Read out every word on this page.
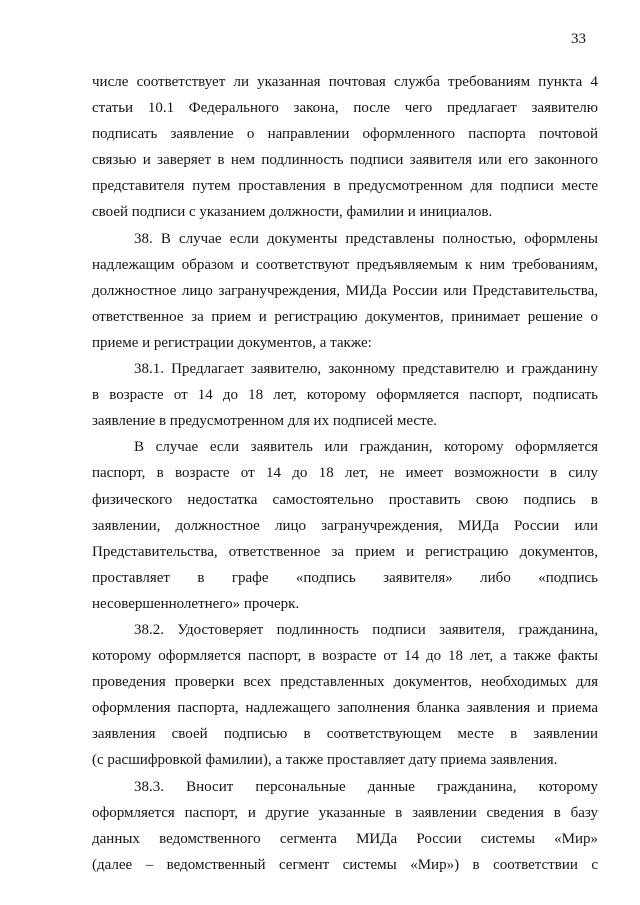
33
числе соответствует ли указанная почтовая служба требованиям пункта 4
статьи 10.1 Федерального закона, после чего предлагает заявителю
подписать заявление о направлении оформленного паспорта почтовой
связью и заверяет в нем подлинность подписи заявителя или его законного
представителя путем проставления в предусмотренном для подписи месте
своей подписи с указанием должности, фамилии и инициалов.
38. В случае если документы представлены полностью, оформлены
надлежащим образом и соответствуют предъявляемым к ним требованиям,
должностное лицо загранучреждения, МИДа России или Представительства,
ответственное за прием и регистрацию документов, принимает решение о
приеме и регистрации документов, а также:
38.1. Предлагает заявителю, законному представителю и гражданину
в возрасте от 14 до 18 лет, которому оформляется паспорт, подписать
заявление в предусмотренном для их подписей месте.
В случае если заявитель или гражданин, которому оформляется
паспорт, в возрасте от 14 до 18 лет, не имеет возможности в силу
физического недостатка самостоятельно проставить свою подпись в
заявлении, должностное лицо загранучреждения, МИДа России или
Представительства, ответственное за прием и регистрацию документов,
проставляет в графе «подпись заявителя» либо «подпись
несовершеннолетнего» прочерк.
38.2. Удостоверяет подлинность подписи заявителя, гражданина,
которому оформляется паспорт, в возрасте от 14 до 18 лет, а также факты
проведения проверки всех представленных документов, необходимых для
оформления паспорта, надлежащего заполнения бланка заявления и приема
заявления своей подписью в соответствующем месте в заявлении
(с расшифровкой фамилии), а также проставляет дату приема заявления.
38.3. Вносит персональные данные гражданина, которому
оформляется паспорт, и другие указанные в заявлении сведения в базу
данных ведомственного сегмента МИДа России системы «Мир»
(далее – ведомственный сегмент системы «Мир») в соответствии с
